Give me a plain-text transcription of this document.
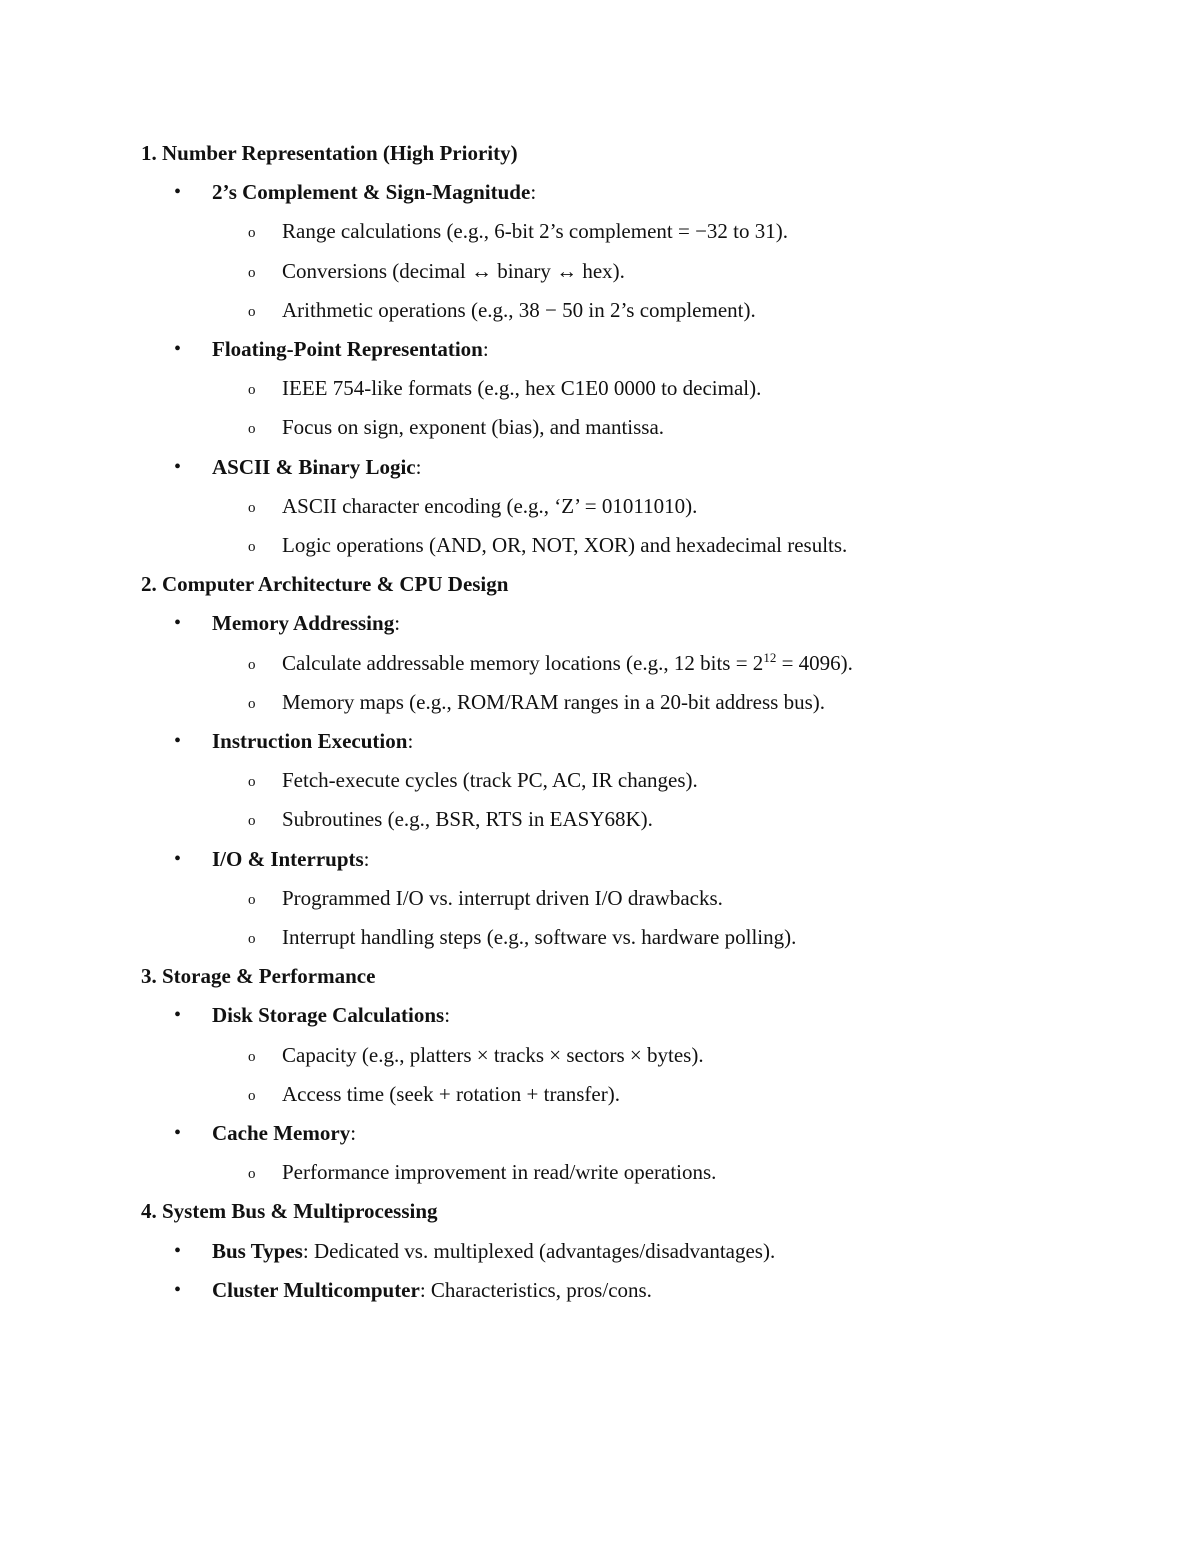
1. Number Representation (High Priority)
• 2’s Complement & Sign-Magnitude:
o Range calculations (e.g., 6-bit 2’s complement = −32 to 31).
o Conversions (decimal ↔ binary ↔ hex).
o Arithmetic operations (e.g., 38 − 50 in 2’s complement).
• Floating-Point Representation:
o IEEE 754-like formats (e.g., hex C1E0 0000 to decimal).
o Focus on sign, exponent (bias), and mantissa.
• ASCII & Binary Logic:
o ASCII character encoding (e.g., ‘Z’ = 01011010).
o Logic operations (AND, OR, NOT, XOR) and hexadecimal results.
2. Computer Architecture & CPU Design
• Memory Addressing:
o Calculate addressable memory locations (e.g., 12 bits = $2^{12} = 4096$).
o Memory maps (e.g., ROM/RAM ranges in a 20-bit address bus).
• Instruction Execution:
o Fetch-execute cycles (track PC, AC, IR changes).
o Subroutines (e.g., BSR, RTS in EASY68K).
• I/O & Interrupts:
o Programmed I/O vs. interrupt driven I/O drawbacks.
o Interrupt handling steps (e.g., software vs. hardware polling).
3. Storage & Performance
• Disk Storage Calculations:
o Capacity (e.g., platters × tracks × sectors × bytes).
o Access time (seek + rotation + transfer).
• Cache Memory:
o Performance improvement in read/write operations.
4. System Bus & Multiprocessing
• Bus Types: Dedicated vs. multiplexed (advantages/disadvantages).
• Cluster Multicomputer: Characteristics, pros/cons.
